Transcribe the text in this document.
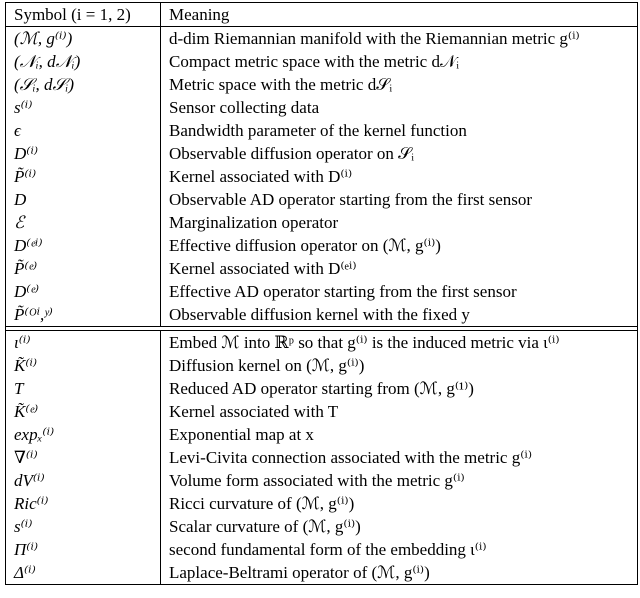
Symbol (i = 1, 2)	Meaning
(ℳ, g⁽ⁱ⁾)	d-dim Riemannian manifold with the Riemannian metric g⁽ⁱ⁾
(𝒩ᵢ, d𝒩ᵢ)	Compact metric space with the metric d𝒩ᵢ
(𝒮ᵢ, d𝒮ᵢ)	Metric space with the metric d𝒮ᵢ
s⁽ⁱ⁾	Sensor collecting data
ϵ	Bandwidth parameter of the kernel function
D⁽ⁱ⁾	Observable diffusion operator on 𝒮ᵢ
P̃⁽ⁱ⁾	Kernel associated with D⁽ⁱ⁾
D	Observable AD operator starting from the first sensor
ℰ	Marginalization operator
D⁽ᵉⁱ⁾	Effective diffusion operator on (ℳ, g⁽ⁱ⁾)
P̃⁽ᵉ⁾	Kernel associated with D⁽ᵉⁱ⁾
D⁽ᵉ⁾	Effective AD operator starting from the first sensor
P̃⁽ᴼⁱ,ʸ⁾	Observable diffusion kernel with the fixed y

ι⁽ⁱ⁾	Embed ℳ into ℝᵖ so that g⁽ⁱ⁾ is the induced metric via ι⁽ⁱ⁾
K̃⁽ⁱ⁾	Diffusion kernel on (ℳ, g⁽ⁱ⁾)
T	Reduced AD operator starting from (ℳ, g⁽¹⁾)
K̃⁽ᵉ⁾	Kernel associated with T
expₓ⁽ⁱ⁾	Exponential map at x
∇⁽ⁱ⁾	Levi-Civita connection associated with the metric g⁽ⁱ⁾
dV⁽ⁱ⁾	Volume form associated with the metric g⁽ⁱ⁾
Ric⁽ⁱ⁾	Ricci curvature of (ℳ, g⁽ⁱ⁾)
s⁽ⁱ⁾	Scalar curvature of (ℳ, g⁽ⁱ⁾)
Π⁽ⁱ⁾	second fundamental form of the embedding ι⁽ⁱ⁾
Δ⁽ⁱ⁾	Laplace-Beltrami operator of (ℳ, g⁽ⁱ⁾)
